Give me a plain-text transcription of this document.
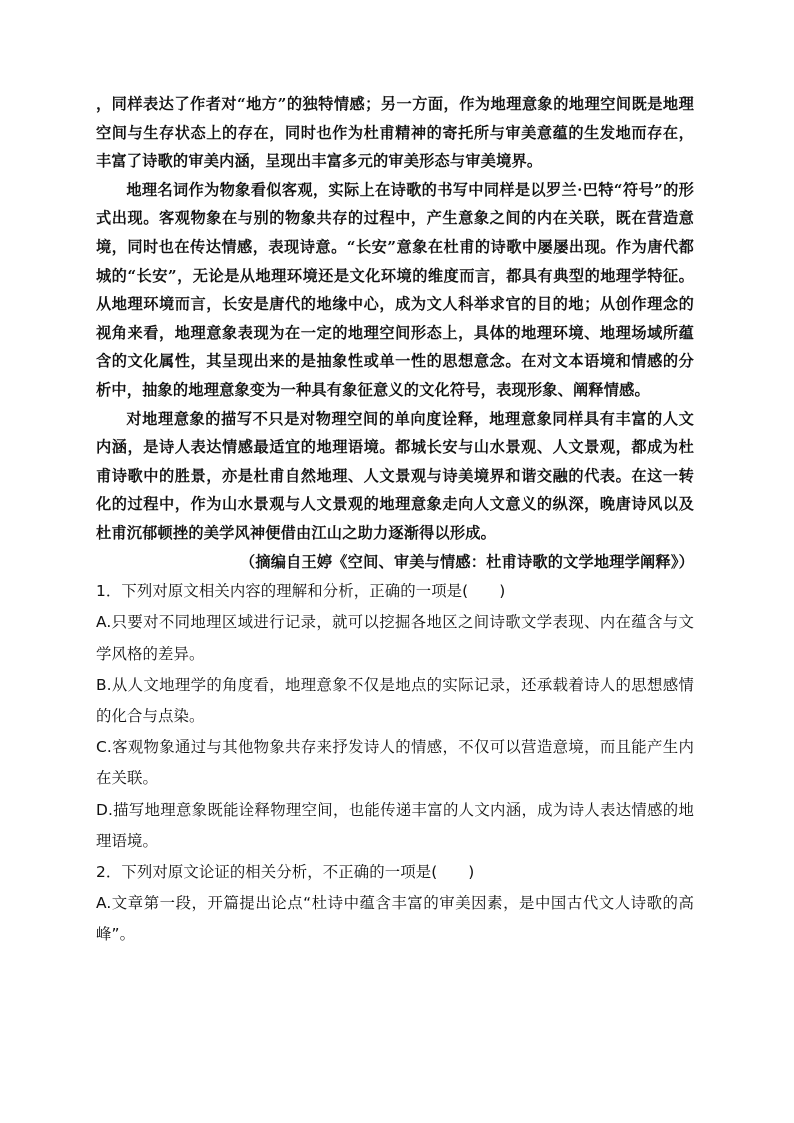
，同样表达了作者对“地方”的独特情感；另一方面，作为地理意象的地理空间既是地理空间与生存状态上的存在，同时也作为杜甫精神的寄托所与审美意蕴的生发地而存在，丰富了诗歌的审美内涵，呈现出丰富多元的审美形态与审美境界。

地理名词作为物象看似客观，实际上在诗歌的书写中同样是以罗兰·巴特“符号”的形式出现。客观物象在与别的物象共存的过程中，产生意象之间的内在关联，既在营造意境，同时也在传达情感，表现诗意。“长安”意象在杜甫的诗歌中屡屡出现。作为唐代都城的“长安”，无论是从地理环境还是文化环境的维度而言，都具有典型的地理学特征。从地理环境而言，长安是唐代的地缘中心，成为文人科举求官的目的地；从创作理念的视角来看，地理意象表现为在一定的地理空间形态上，具体的地理环境、地理场域所蕴含的文化属性，其呈现出来的是抽象性或单一性的思想意念。在对文本语境和情感的分析中，抽象的地理意象变为一种具有象征意义的文化符号，表现形象、阐释情感。

对地理意象的描写不只是对物理空间的单向度诠释，地理意象同样具有丰富的人文内涵，是诗人表达情感最适宜的地理语境。都城长安与山水景观、人文景观，都成为杜甫诗歌中的胜景，亦是杜甫自然地理、人文景观与诗美境界和谐交融的代表。在这一转化的过程中，作为山水景观与人文景观的地理意象走向人文意义的纵深，晚唐诗风以及杜甫沉郁顿挫的美学风神便借由江山之助力逐渐得以形成。

（摘编自王婷《空间、审美与情感：杜甫诗歌的文学地理学阐释》）

1．下列对原文相关内容的理解和分析，正确的一项是(　　)

A.只要对不同地理区域进行记录，就可以挖掘各地区之间诗歌文学表现、内在蕴含与文学风格的差异。

B.从人文地理学的角度看，地理意象不仅是地点的实际记录，还承载着诗人的思想感情的化合与点染。

C.客观物象通过与其他物象共存来抒发诗人的情感，不仅可以营造意境，而且能产生内在关联。

D.描写地理意象既能诠释物理空间，也能传递丰富的人文内涵，成为诗人表达情感的地理语境。

2．下列对原文论证的相关分析，不正确的一项是(　　)

A.文章第一段，开篇提出论点“杜诗中蕴含丰富的审美因素，是中国古代文人诗歌的高峰”。
